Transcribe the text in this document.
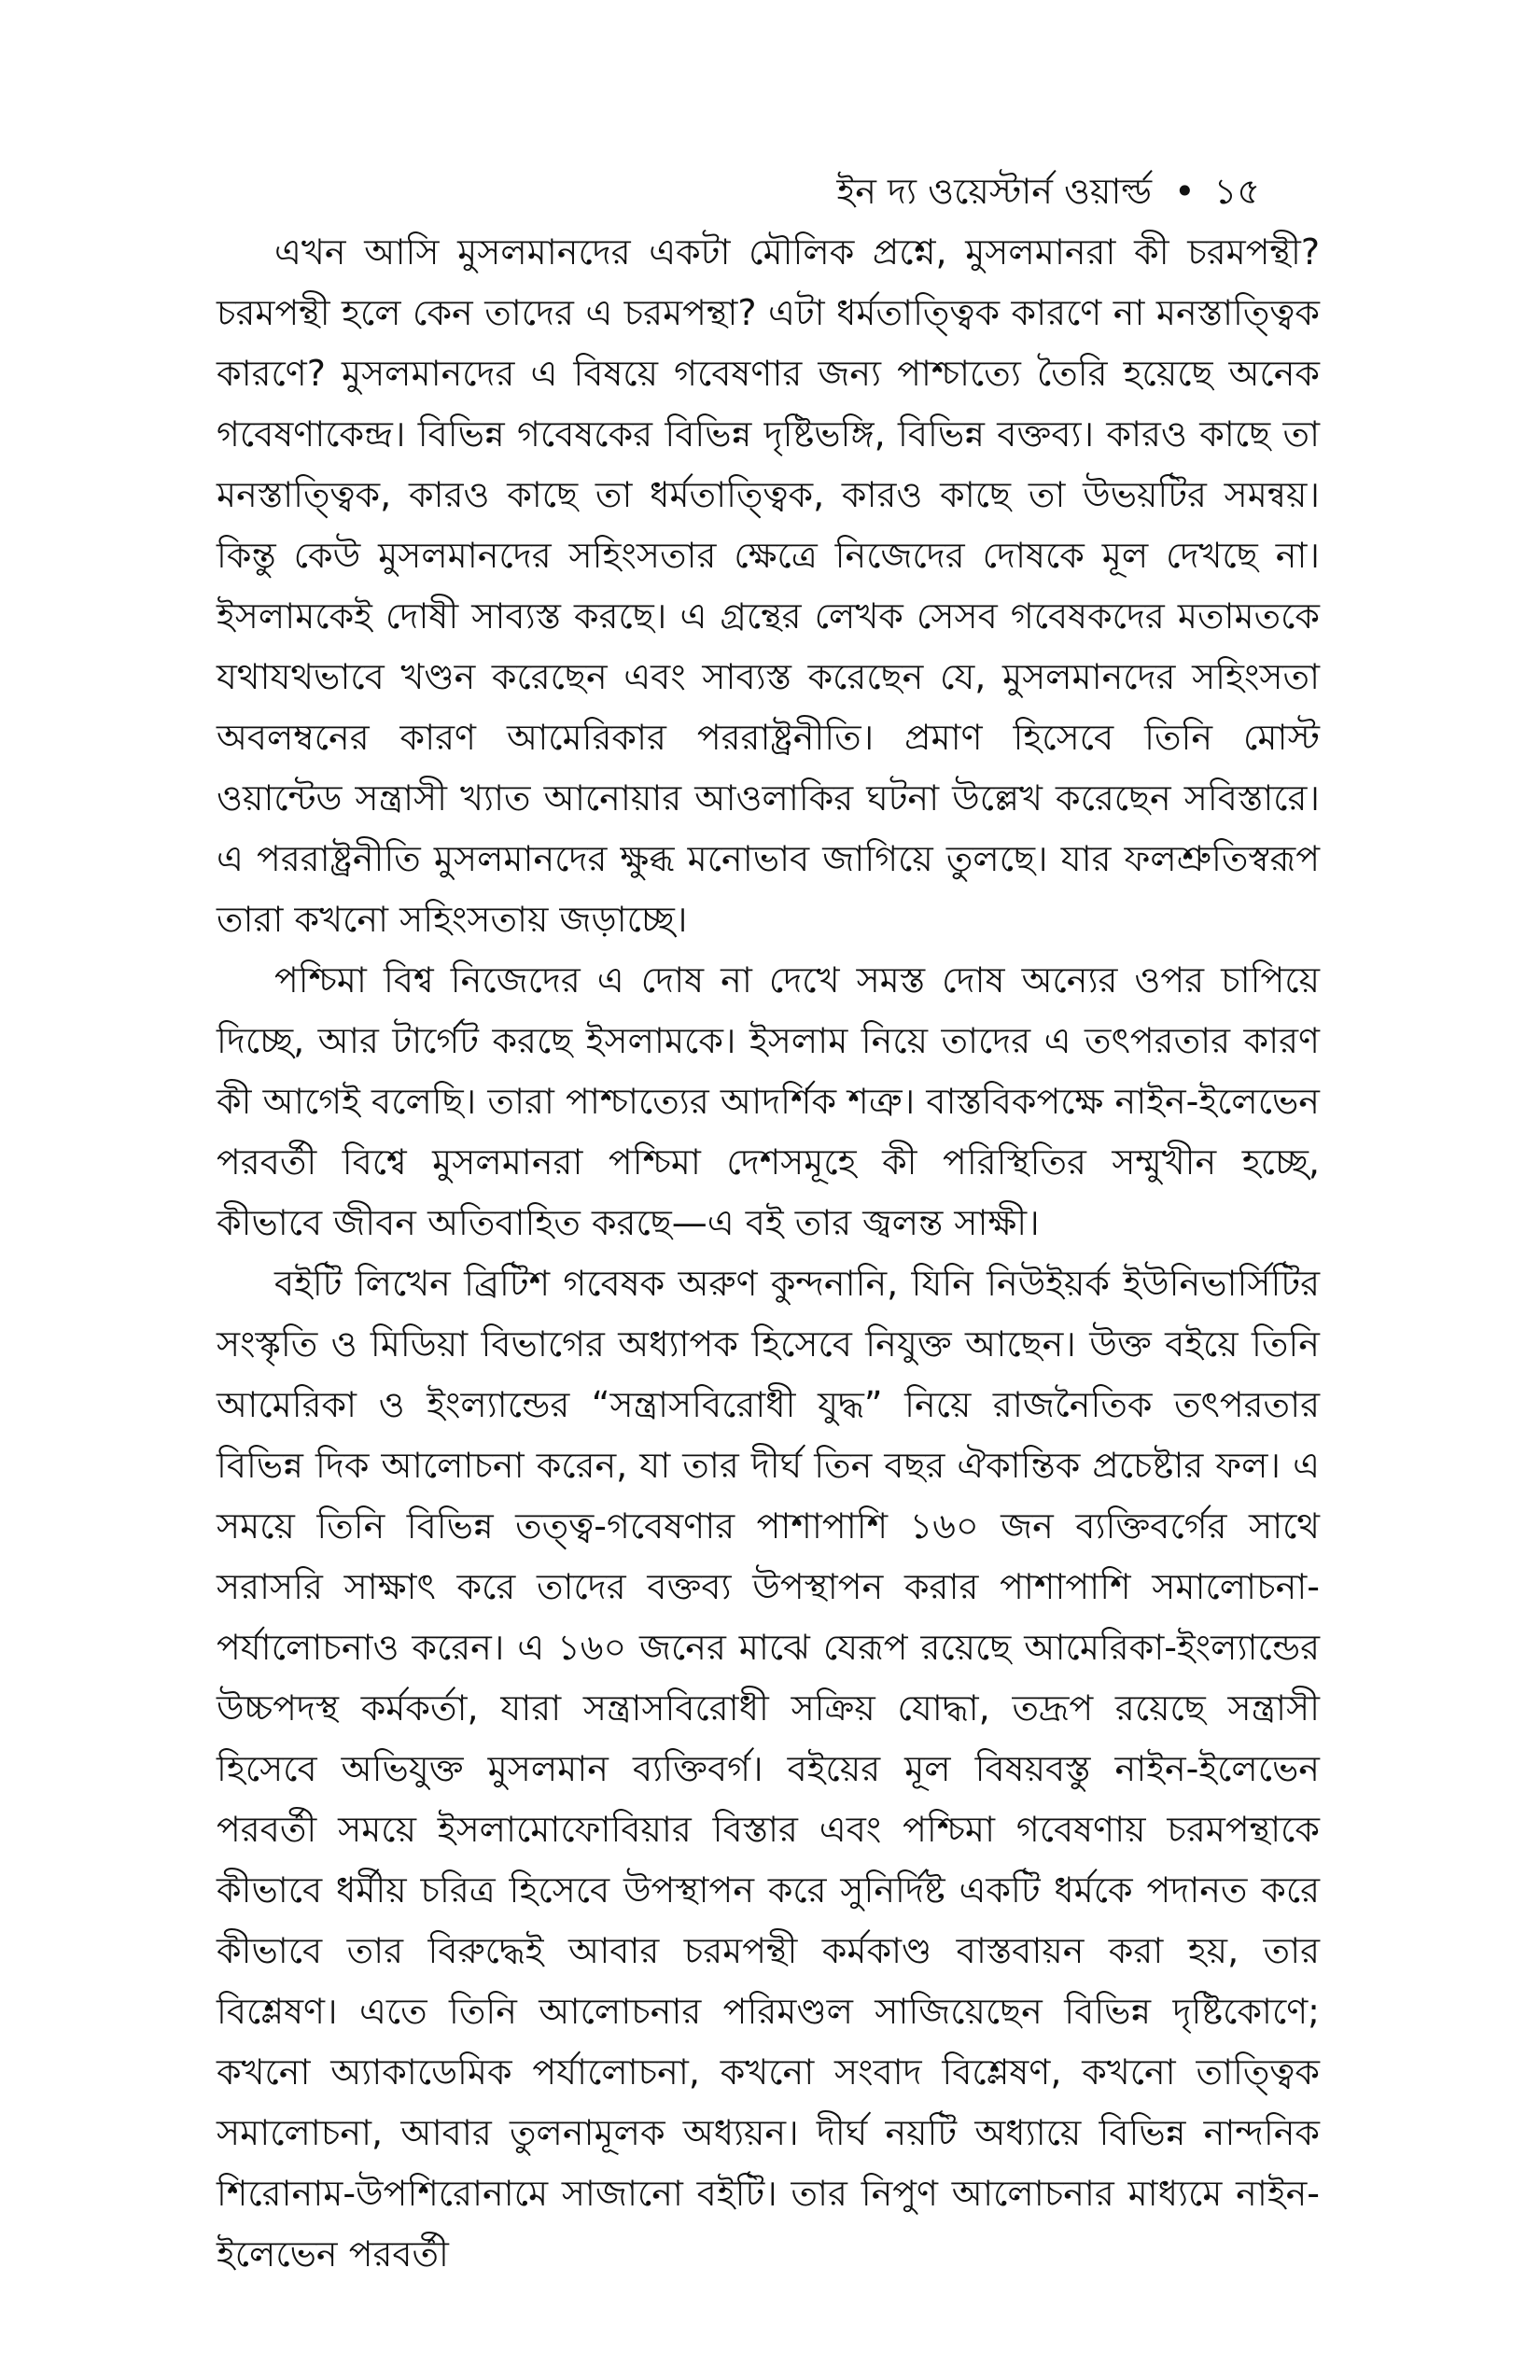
ইন দ্য ওয়েস্টার্ন ওয়ার্ল্ড • ১৫

এখন আসি মুসলমানদের একটা মৌলিক প্রশ্নে, মুসলমানরা কী চরমপন্থী? চরমপন্থী হলে কেন তাদের এ চরমপন্থা? এটা ধর্মতাত্ত্বিক কারণে না মনস্তাত্ত্বিক কারণে? মুসলমানদের এ বিষয়ে গবেষণার জন্য পাশ্চাত্যে তৈরি হয়েছে অনেক গবেষণাকেন্দ্র। বিভিন্ন গবেষকের বিভিন্ন দৃষ্টিভঙ্গি, বিভিন্ন বক্তব্য। কারও কাছে তা মনস্তাত্ত্বিক, কারও কাছে তা ধর্মতাত্ত্বিক, কারও কাছে তা উভয়টির সমন্বয়। কিন্তু কেউ মুসলমানদের সহিংসতার ক্ষেত্রে নিজেদের দোষকে মূল দেখছে না। ইসলামকেই দোষী সাব্যস্ত করছে। এ গ্রন্থের লেখক সেসব গবেষকদের মতামতকে যথাযথভাবে খণ্ডন করেছেন এবং সাব্যস্ত করেছেন যে, মুসলমানদের সহিংসতা অবলম্বনের কারণ আমেরিকার পররাষ্ট্রনীতি। প্রমাণ হিসেবে তিনি মোস্ট ওয়ান্টেড সন্ত্রাসী খ্যাত আনোয়ার আওলাকির ঘটনা উল্লেখ করেছেন সবিস্তারে। এ পররাষ্ট্রনীতি মুসলমানদের ক্ষুব্ধ মনোভাব জাগিয়ে তুলছে। যার ফলশ্রুতিস্বরূপ তারা কখনো সহিংসতায় জড়াচ্ছে।

পশ্চিমা বিশ্ব নিজেদের এ দোষ না দেখে সমস্ত দোষ অন্যের ওপর চাপিয়ে দিচ্ছে, আর টার্গেট করছে ইসলামকে। ইসলাম নিয়ে তাদের এ তৎপরতার কারণ কী আগেই বলেছি। তারা পাশ্চাত্যের আদর্শিক শত্রু। বাস্তবিকপক্ষে নাইন-ইলেভেন পরবর্তী বিশ্বে মুসলমানরা পশ্চিমা দেশসমূহে কী পরিস্থিতির সম্মুখীন হচ্ছে, কীভাবে জীবন অতিবাহিত করছে—এ বই তার জ্বলন্ত সাক্ষী।

বইটি লিখেন ব্রিটিশ গবেষক অরুণ কুন্দনানি, যিনি নিউইয়র্ক ইউনিভার্সিটির সংস্কৃতি ও মিডিয়া বিভাগের অধ্যাপক হিসেবে নিযুক্ত আছেন। উক্ত বইয়ে তিনি আমেরিকা ও ইংল্যান্ডের “সন্ত্রাসবিরোধী যুদ্ধ” নিয়ে রাজনৈতিক তৎপরতার বিভিন্ন দিক আলোচনা করেন, যা তার দীর্ঘ তিন বছর ঐকান্তিক প্রচেষ্টার ফল। এ সময়ে তিনি বিভিন্ন তত্ত্ব-গবেষণার পাশাপাশি ১৬০ জন ব্যক্তিবর্গের সাথে সরাসরি সাক্ষাৎ করে তাদের বক্তব্য উপস্থাপন করার পাশাপাশি সমালোচনা-পর্যালোচনাও করেন। এ ১৬০ জনের মাঝে যেরূপ রয়েছে আমেরিকা-ইংল্যান্ডের উচ্চপদস্থ কর্মকর্তা, যারা সন্ত্রাসবিরোধী সক্রিয় যোদ্ধা, তদ্রূপ রয়েছে সন্ত্রাসী হিসেবে অভিযুক্ত মুসলমান ব্যক্তিবর্গ। বইয়ের মূল বিষয়বস্তু নাইন-ইলেভেন পরবর্তী সময়ে ইসলামোফোবিয়ার বিস্তার এবং পশ্চিমা গবেষণায় চরমপন্থাকে কীভাবে ধর্মীয় চরিত্র হিসেবে উপস্থাপন করে সুনির্দিষ্ট একটি ধর্মকে পদানত করে কীভাবে তার বিরুদ্ধেই আবার চরমপন্থী কর্মকাণ্ড বাস্তবায়ন করা হয়, তার বিশ্লেষণ। এতে তিনি আলোচনার পরিমণ্ডল সাজিয়েছেন বিভিন্ন দৃষ্টিকোণে; কখনো অ্যাকাডেমিক পর্যালোচনা, কখনো সংবাদ বিশ্লেষণ, কখনো তাত্ত্বিক সমালোচনা, আবার তুলনামূলক অধ্যয়ন। দীর্ঘ নয়টি অধ্যায়ে বিভিন্ন নান্দনিক শিরোনাম-উপশিরোনামে সাজানো বইটি। তার নিপুণ আলোচনার মাধ্যমে নাইন-ইলেভেন পরবর্তী
